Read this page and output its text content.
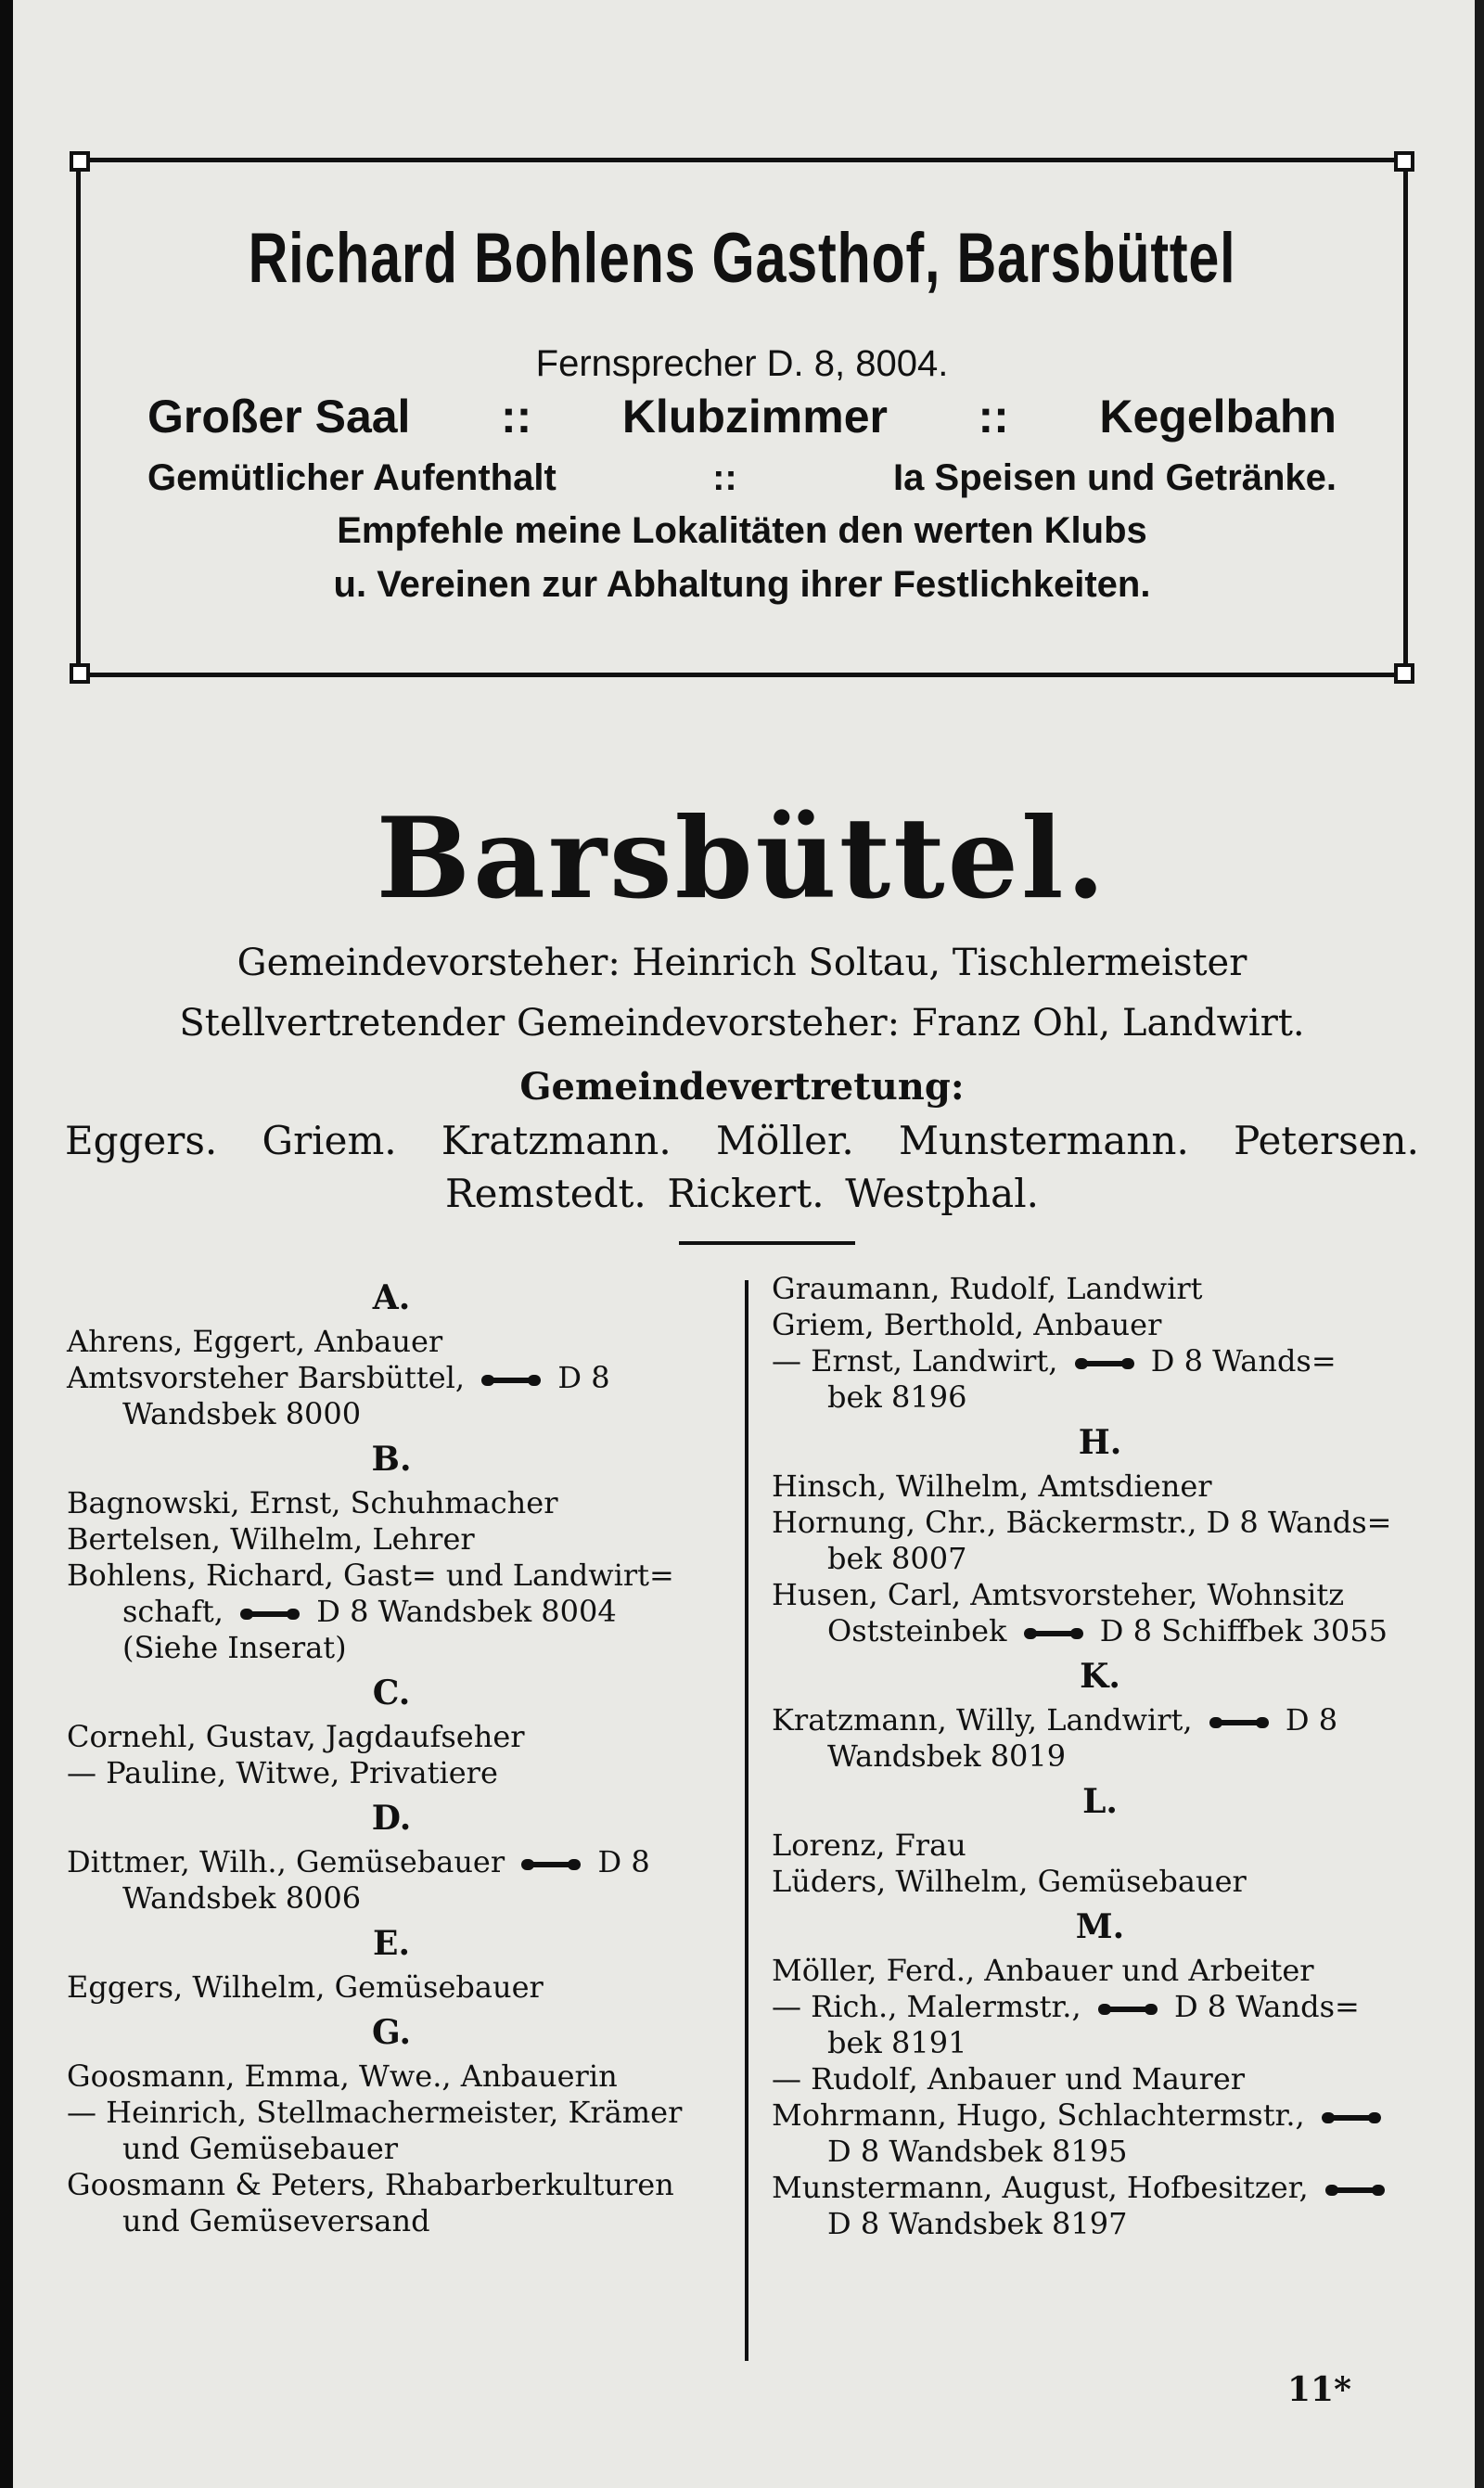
Richard Bohlens Gasthof, Barsbüttel
Fernsprecher D. 8, 8004.
Großer Saal :: Klubzimmer :: Kegelbahn
Gemütlicher Aufenthalt	::	Ia Speisen und Getränke.
Empfehle meine Lokalitäten den werten Klubs
u. Vereinen zur Abhaltung ihrer Festlichkeiten.
Barsbüttel.
Gemeindevorsteher: Heinrich Soltau, Tischlermeister
Stellvertretender Gemeindevorsteher: Franz Ohl, Landwirt.
Gemeindevertretung:
Eggers. Griem. Kratzmann. Möller. Munstermann. Petersen.
Remstedt. Rickert. Westphal.
A.

Ahrens, Eggert, Anbauer

Amtsvorsteher Barsbüttel,	D 8
Wandsbek 8000

B.

Bagnowski, Ernst, Schuhmacher

Bertelsen, Wilhelm, Lehrer

Bohlens, Richard, Gast= und Landwirt=
schaft,	D 8 Wandsbek 8004
(Siehe Inserat)

C.

Cornehl, Gustav, Jagdaufseher

— Pauline, Witwe, Privatiere

D.

Dittmer, Wilh., Gemüsebauer	D 8
Wandsbek 8006

E.

Eggers, Wilhelm, Gemüsebauer

G.

Goosmann, Emma, Wwe., Anbauerin

— Heinrich, Stellmachermeister, Krämer
und Gemüsebauer

Goosmann & Peters, Rhabarberkulturen
und Gemüseversand

Graumann, Rudolf, Landwirt

Griem, Berthold, Anbauer

— Ernst, Landwirt,	D 8 Wands=
bek 8196

H.

Hinsch, Wilhelm, Amtsdiener

Hornung, Chr., Bäckermstr., D 8 Wands=
bek 8007

Husen, Carl, Amtsvorsteher, Wohnsitz
Oststeinbek	D 8 Schiffbek 3055

K.

Kratzmann, Willy, Landwirt,	D 8
Wandsbek 8019

L.

Lorenz, Frau

Lüders, Wilhelm, Gemüsebauer

M.

Möller, Ferd., Anbauer und Arbeiter

— Rich., Malermstr.,	D 8 Wands=
bek 8191

— Rudolf, Anbauer und Maurer

Mohrmann, Hugo, Schlachtermstr.,
D 8 Wandsbek 8195

Munstermann, August, Hofbesitzer,
D 8 Wandsbek 8197

11*
